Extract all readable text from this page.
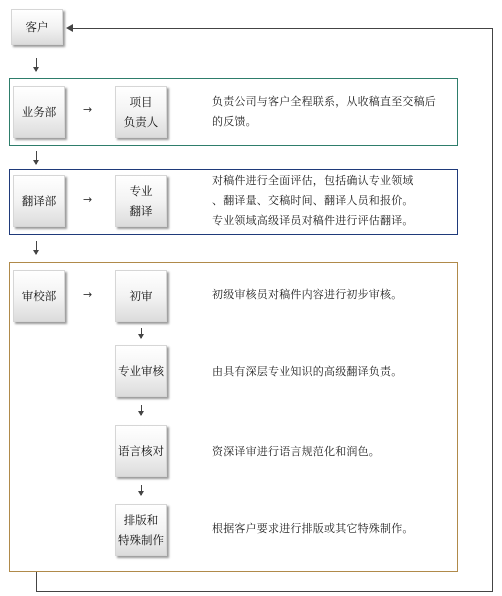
客户
业务部 →
项目
负责人
负责公司与客户全程联系，从收稿直至交稿后
的反馈。
翻译部 →
专业
翻译
对稿件进行全面评估，包括确认专业领域
、翻译量、交稿时间、翻译人员和报价。
专业领域高级译员对稿件进行评估翻译。
审校部 →	初审	初级审核员对稿件内容进行初步审核。
专业审核	由具有深层专业知识的高级翻译负责。
语言核对	资深译审进行语言规范化和润色。
排版和
特殊制作
根据客户要求进行排版或其它特殊制作。
